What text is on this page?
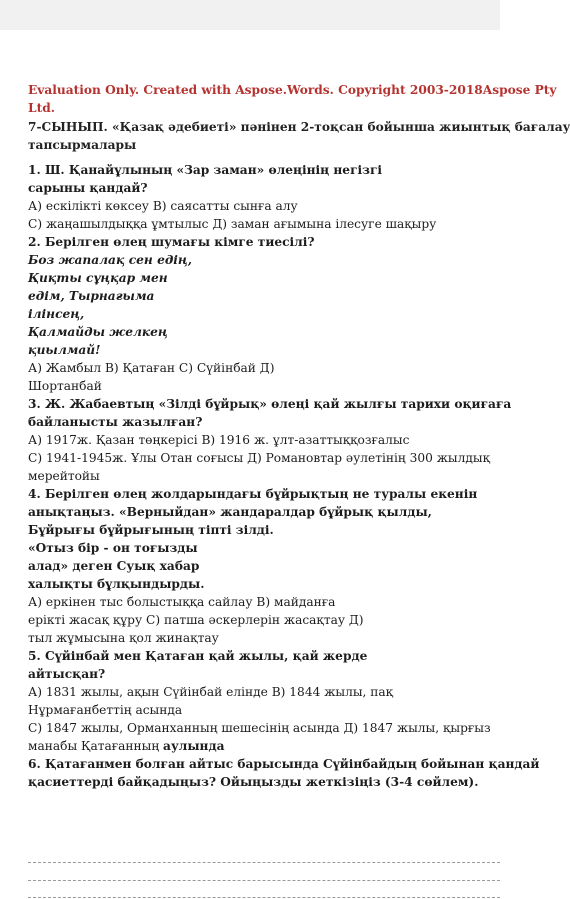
Evaluation Only. Created with Aspose.Words. Copyright 2003-2018Aspose Pty
Ltd.
7-СЫНЫП. «Қазақ әдебиеті» пәнінен 2-тоқсан бойынша жиынтық бағалау
тапсырмалары
1. Ш. Қанайұлының «Зар заман» өлеңінің негізгі
сарыны қандай?
А) ескілікті көксеу В) саясатты сынға алу
С) жаңашылдыққа ұмтылыс Д) заман ағымына ілесуге шақыру
2. Берілген өлең шумағы кімге тиесілі?
Боз жапалақ сен едің,
Қиқты сұңқар мен
едім, Тырнағыма
ілінсең,
Қалмайды желкең
қиылмай!
А) Жамбыл В) Қатаған С) Сүйінбай Д)
Шортанбай
3. Ж. Жабаевтың «Зілді бұйрық» өлеңі қай жылғы тарихи оқиғаға
байланысты жазылған?
А) 1917ж. Қазан төңкерісі В) 1916 ж. ұлт-азаттыққозғалыс
С) 1941-1945ж. Ұлы Отан соғысы Д) Романовтар әулетінің 300 жылдық
мерейтойы
4. Берілген өлең жолдарындағы бұйрықтың не туралы екенін
анықтаңыз. «Верныйдан» жандаралдар бұйрық қылды,
Бұйрығы бұйрығының тіпті зілді.
«Отыз бір - он тоғызды
алад» деген Суық хабар
халықты бұлқындырды.
А) еркінен тыс болыстыққа сайлау В) майданға
ерікті жасақ құру С) патша әскерлерін жасақтау Д)
тыл жұмысына қол жинақтау
5. Сүйінбай мен Қатаған қай жылы, қай жерде
айтысқан?
А) 1831 жылы, ақын Сүйінбай елінде В) 1844 жылы, пақ
Нұрмағанбеттің асында
С) 1847 жылы, Орманханның шешесінің асында Д) 1847 жылы, қырғыз
манабы Қатағанның аулында
6. Қатағанмен болған айтыс барысында Сүйінбайдың бойынан қандай
қасиеттерді байқадыңыз? Ойыңызды жеткізіңіз (3-4 сөйлем).
